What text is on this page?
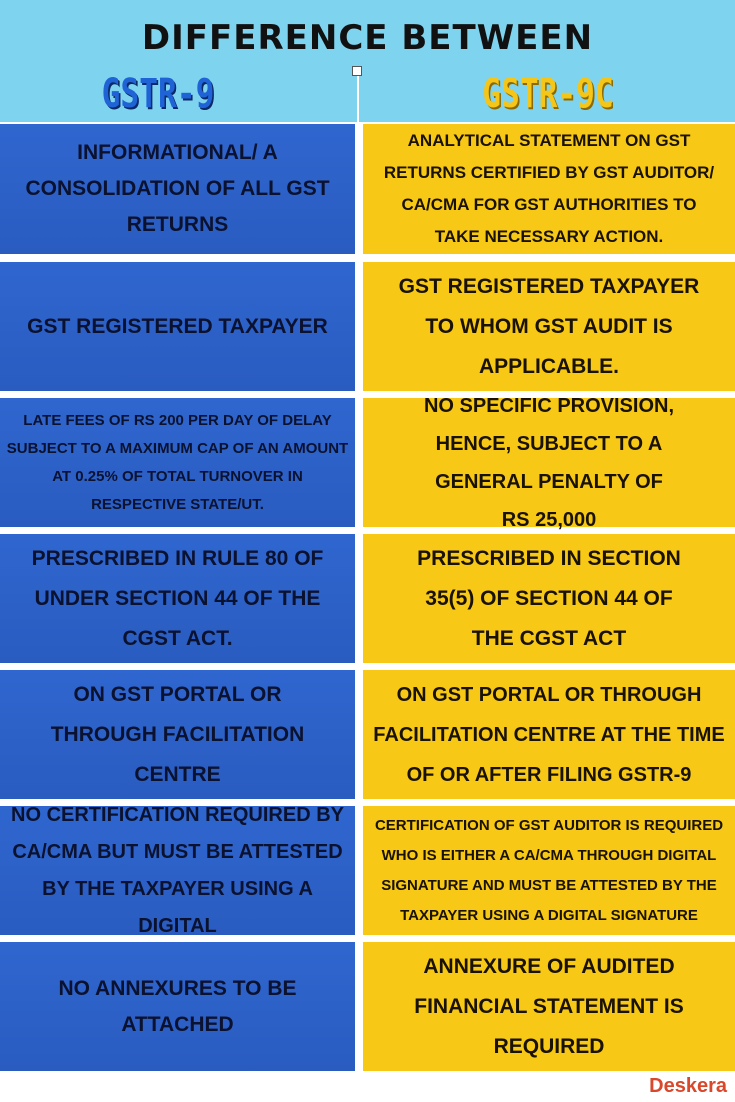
DIFFERENCE BETWEEN
GSTR-9	GSTR-9C
INFORMATIONAL/ A CONSOLIDATION OF ALL GST RETURNS
ANALYTICAL STATEMENT ON GST RETURNS CERTIFIED BY GST AUDITOR/ CA/CMA FOR GST AUTHORITIES TO TAKE NECESSARY ACTION.
GST REGISTERED TAXPAYER
GST REGISTERED TAXPAYER TO WHOM GST AUDIT IS APPLICABLE.
LATE FEES OF RS 200 PER DAY OF DELAY SUBJECT TO A MAXIMUM CAP OF AN AMOUNT AT 0.25% OF TOTAL TURNOVER IN RESPECTIVE STATE/UT.
NO SPECIFIC PROVISION, HENCE, SUBJECT TO A GENERAL PENALTY OF RS 25,000
PRESCRIBED IN RULE 80 OF UNDER SECTION 44 OF THE CGST ACT.
PRESCRIBED IN SECTION 35(5) OF SECTION 44 OF THE CGST ACT
ON GST PORTAL OR THROUGH FACILITATION CENTRE
ON GST PORTAL OR THROUGH FACILITATION CENTRE AT THE TIME OF OR AFTER FILING GSTR-9
NO CERTIFICATION REQUIRED BY CA/CMA BUT MUST BE ATTESTED BY THE TAXPAYER USING A DIGITAL
CERTIFICATION OF GST AUDITOR IS REQUIRED WHO IS EITHER A CA/CMA THROUGH DIGITAL SIGNATURE AND MUST BE ATTESTED BY THE TAXPAYER USING A DIGITAL SIGNATURE
NO ANNEXURES TO BE ATTACHED
ANNEXURE OF AUDITED FINANCIAL STATEMENT IS REQUIRED
Deskera
